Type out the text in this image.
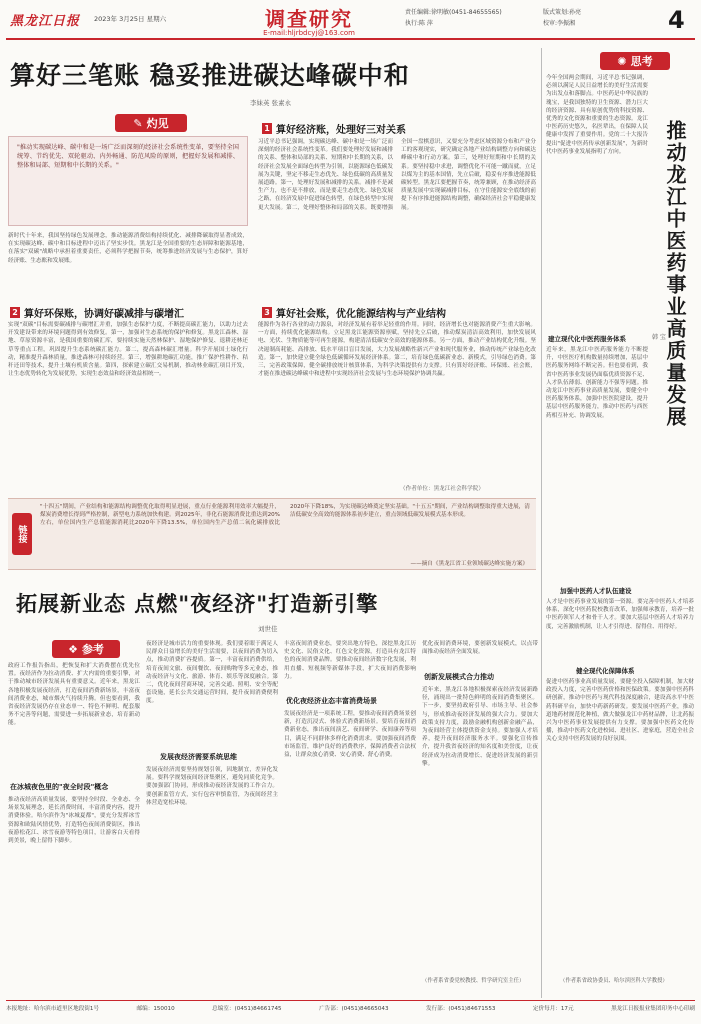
黑龙江日报 2023年 3月25日 星期六	调查研究
E-mail:hljrbdcyj@163.com
责任编辑:徐明敏(0451-84655565)	版式策划:孙亮
执行:陈 萍	校审:李振湘	4
算好三笔账 稳妥推进碳达峰碳中和
李妹英 张素永
✎ 灼见
"推动实现碳达峰、碳中和是一场广泛而深刻的经济社会系统性变革，要坚持全国统筹、节约优先、双轮驱动、内外畅通、防范风险的原则，把握好发展和减排、整体和局部、短期和中长期的关系。"
新时代十年来，我国坚持绿色发展理念，推动能源消费结构持续优化、减排降碳取得显著成效，在实现碳达峰、碳中和目标进程中迈出了坚实步伐。黑龙江是全国重要的生态屏障和能源基地，在落实"双碳"战略中承担着重要责任，必须科学把握节奏，统筹推进经济发展与生态保护，算好经济账、生态账和发展账。
1 算好经济账，处理好三对关系
习近平总书记强调，实现碳达峰、碳中和是一场广泛而深刻的经济社会系统性变革。我们要处理好发展和减排的关系、整体和局部的关系、短期和中长期的关系，以经济社会发展全面绿色转型为引领，以能源绿色低碳发展为关键，坚定不移走生态优先、绿色低碳的高质量发展道路。第一，处理好发展和减排的关系。减排不是减生产力，也不是不排放，而是要走生态优先、绿色发展之路，在经济发展中促进绿色转型，在绿色转型中实现更大发展。第二，处理好整体和局部的关系。既要增强全国一盘棋意识，又要充分考虑区域资源分布和产业分工的客观现实，研究确定各地产业结构调整方向和碳达峰碳中和行动方案。第三，处理好短期和中长期的关系。要坚持稳中求进，调整优化不可能一蹴而就，立足以煤为主的基本国情，先立后破，稳妥有序推进能源低碳转型。黑龙江要把握节奏，统筹兼顾，在推动经济高质量发展中实现碳减排目标，在守住能源安全底线的前提下有序推进能源结构调整，确保经济社会平稳健康发展。
2 算好环保账，协调好碳减排与碳增汇
实现"双碳"目标需要碳减排与碳增汇并重，加强生态保护力度，不断提高碳汇能力，以助力过去开发建设带来的环境问题得到有效修复。第一，加强对生态系统的保护和修复。黑龙江森林、湿地、草原资源丰富，是我国重要的碳汇库，要持续实施天然林保护、湿地保护修复、退耕还林还草等重点工程，巩固提升生态系统碳汇能力。第二，提高森林碳汇增量。科学开展国土绿化行动，精准提升森林质量，推进森林可持续经营。第三，增强耕地碳汇功能，推广保护性耕作、秸秆还田等技术，提升土壤有机质含量。第四，探索建立碳汇交易机制，推动林业碳汇项目开发，让生态优势转化为发展优势，实现生态效益和经济效益相统一。
3 算好社会账，优化能源结构与产业结构
能源作为各行各业的动力源泉，对经济发展有着举足轻重的作用。同时，经济增长也对能源消费产生重大影响。一方面，持续优化能源结构。立足黑龙江能源资源禀赋，坚持先立后破，推动煤炭清洁高效利用，加快发展风电、光伏、生物质能等可再生能源，构建清洁低碳安全高效的能源体系。另一方面，推动产业结构优化升级。坚决遏制高耗能、高排放、低水平项目盲目发展，大力发展战略性新兴产业和现代服务业，推动传统产业绿色化改造。第一，加快建立健全绿色低碳循环发展经济体系。第二，培育绿色低碳新业态、新模式，引导绿色消费。第三，完善政策保障，健全碳排放统计核算体系，为科学决策提供有力支撑。只有算好经济账、环保账、社会账，才能在推进碳达峰碳中和进程中实现经济社会发展与生态环境保护协调共赢。
（作者单位：黑龙江社会科学院）
链接
"十四五"期间，产业结构和能源结构调整优化取得明显进展，重点行业能源利用效率大幅提升，煤炭消费增长得到严格控制，新型电力系统加快构建。到2025年，非化石能源消费比重达到20%左右，单位国内生产总值能源消耗比2020年下降13.5%，单位国内生产总值二氧化碳排放比2020年下降18%，为实现碳达峰奠定坚实基础。"十五五"期间，产业结构调整取得重大进展，清洁低碳安全高效的能源体系初步建立，重点领域低碳发展模式基本形成。
——摘自《黑龙江省工业领域碳达峰实施方案》
拓展新业态 点燃"夜经济"打造新引擎
刘世佳
❖ 参考
政府工作报告指出，把恢复和扩大消费摆在优先位置。夜经济作为拉动消费、扩大内需的重要引擎，对于推动城市经济发展具有重要意义。近年来，黑龙江各地积极发展夜经济，打造夜间消费新场景，丰富夜间消费业态，城市烟火气持续升腾。但也要看到，我省夜经济发展仍存在业态单一、特色不鲜明、配套服务不完善等问题，需要进一步拓展新业态，培育新动能。
在冰城夜色里的"夜全时段"概念
推动夜经济高质量发展，要坚持全时段、全业态、全场景发展理念，延长消费时间，丰富消费内容，提升消费体验。哈尔滨作为"冰城夏都"，要充分发挥冰雪资源和欧陆风情优势，打造特色夜间消费街区，推出夜游松花江、冰雪夜游等特色项目，让游客白天看得到美景，晚上留得下脚步。
夜经济是城市活力的重要体现。我们要着眼于满足人民群众日益增长的美好生活需要，以夜间消费为切入点，推动消费扩容提质。第一，丰富夜间消费供给，培育夜间文旅、夜间餐饮、夜间购物等多元业态，推动夜经济与文化、旅游、体育、娱乐等深度融合。第二，优化夜间营商环境，完善交通、照明、安全等配套设施，延长公共交通运营时间，提升夜间消费便利度。
发展夜经济需要系统思维
发展夜经济需要坚持规划引领，因地制宜，差异化发展。要科学规划夜间经济集聚区，避免同质化竞争。要加强部门协同，形成推动夜经济发展的工作合力。要创新监管方式，实行包容审慎监管，为夜间经营主体营造宽松环境。
丰富夜间消费业态，要突出地方特色，深挖黑龙江历史文化、民俗文化、红色文化资源，打造具有龙江特色的夜间消费品牌。要推动夜间经济数字化发展，利用直播、短视频等新媒体手段，扩大夜间消费影响力。
优化夜经济业态丰富消费场景
发展夜经济是一项系统工程，要推动夜间消费场景创新，打造沉浸式、体验式消费新场景。要培育夜间消费新业态，推出夜间演艺、夜间研学、夜间康养等项目，满足不同群体多样化消费需求。要加强夜间消费市场监管，维护良好的消费秩序，保障消费者合法权益，让群众放心消费、安心消费、舒心消费。
优化夜间消费环境，要创新发展模式，以点带面推动夜经济全面发展。
创新发展模式合力推动
近年来，黑龙江各地积极探索夜经济发展新路径，涌现出一批特色鲜明的夜间消费集聚区。下一步，要坚持政府引导、市场主导、社会参与，形成推动夜经济发展的强大合力。要加大政策支持力度，鼓励金融机构创新金融产品，为夜间经营主体提供资金支持。要加强人才培养，提升夜间经济服务水平。要强化宣传推介，提升我省夜经济的知名度和美誉度，让夜经济成为拉动消费增长、促进经济发展的新引擎。
（作者系省委党校教授、哲学研究室主任）
✺ 思考
今年全国两会期间，习近平总书记强调，必须以满足人民日益增长的美好生活需要为出发点和落脚点。中医药是中华民族的瑰宝，是我国独特的卫生资源、潜力巨大的经济资源、具有原创优势的科技资源、优秀的文化资源和重要的生态资源。龙江中医药历史悠久，名医辈出，在保障人民健康中发挥了重要作用。党的二十大报告提出"促进中医药传承创新发展"，为新时代中医药事业发展指明了方向。	推动龙江中医药事业高质量发展
韩 宝
建立现代化中医药服务体系
近年来，黑龙江中医药服务能力不断提升，中医医疗机构数量持续增加，基层中医药服务网络不断完善。但也要看到，我省中医药事业发展仍面临优质资源不足、人才队伍薄弱、创新能力不强等问题。推动龙江中医药事业高质量发展，要健全中医药服务体系，加强中医医院建设，提升基层中医药服务能力，推动中医药与西医药相互补充、协调发展。
加强中医药人才队伍建设
人才是中医药事业发展的第一资源。要完善中医药人才培养体系，深化中医药院校教育改革，加强师承教育，培养一批中医药领军人才和骨干人才。要加大基层中医药人才培养力度，完善激励机制，让人才引得进、留得住、用得好。
健全现代化保障体系
促进中医药事业高质量发展，要健全投入保障机制，加大财政投入力度，完善中医药价格和医保政策。要加强中医药科研创新，推动中医药与现代科技深度融合，建设高水平中医药科研平台，加快中药新药研发。要发展中医药产业，推动道地药材规范化种植，做大做强龙江中药材品牌，让北药振兴为中医药事业发展提供有力支撑。要加强中医药文化传播，推动中医药文化进校园、进社区、进家庭，营造全社会关心支持中医药发展的良好氛围。
（作者系省政协委员、哈尔滨医科大学教授）
本报地址：哈尔滨市道里区地段街1号	邮编：150010	总编室：(0451)84661745	广告部：(0451)84665043	发行部：(0451)84671553	定价每月：17元	黑龙江日报报业集团印务中心印刷
